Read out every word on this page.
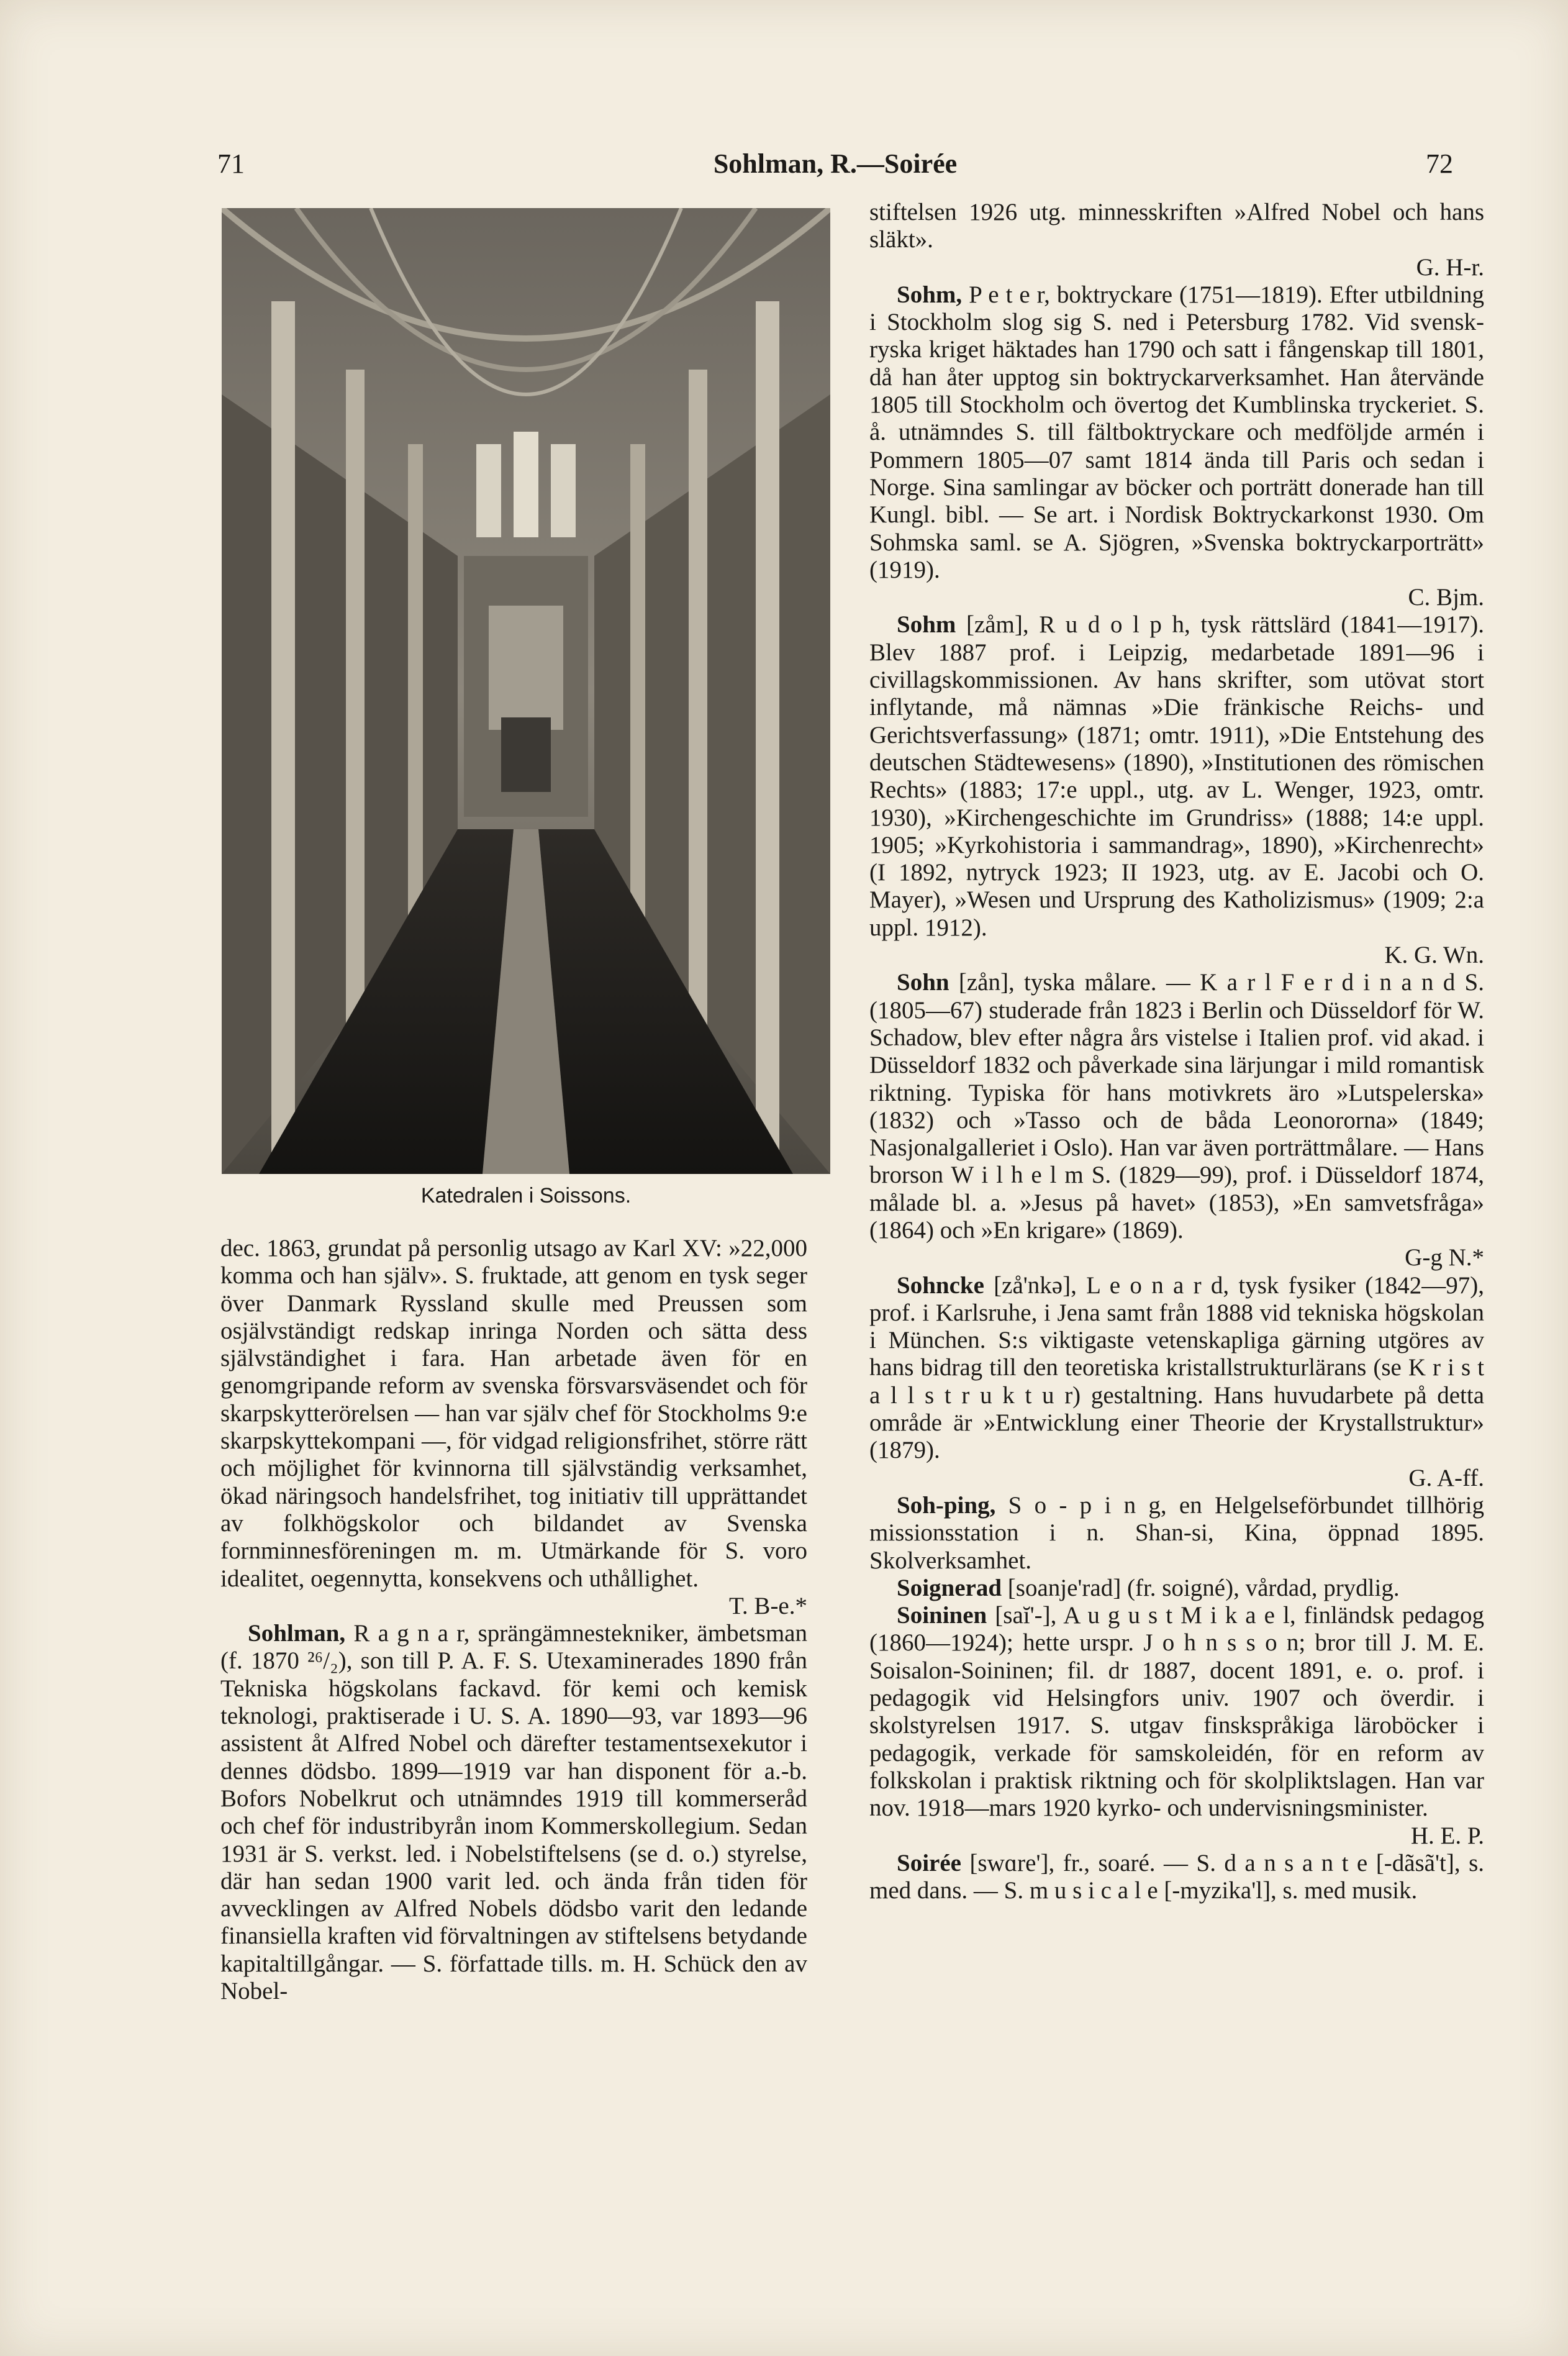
71	Sohlman, R.—Soirée	72
Katedralen i Soissons.

dec. 1863, grundat på personlig utsago av Karl XV: »22,000 komma och han själv». S. fruktade, att genom en tysk seger över Danmark Ryssland skulle med Preussen som osjälvständigt redskap inringa Norden och sätta dess självständighet i fara. Han arbetade även för en genomgripande reform av svenska försvarsväsendet och för skarpskytterörelsen — han var själv chef för Stockholms 9:e skarpskyttekompani —, för vidgad religionsfrihet, större rätt och möjlighet för kvinnorna till självständig verksamhet, ökad näringsoch handelsfrihet, tog initiativ till upprättandet av folkhögskolor och bildandet av Svenska fornminnesföreningen m. m. Utmärkande för S. voro idealitet, oegennytta, konsekvens och uthållighet.
T. B-e.*

Sohlman, R a g n a r, sprängämnestekniker, ämbetsman (f. 1870 ²⁶/₂), son till P. A. F. S. Utexaminerades 1890 från Tekniska högskolans fackavd. för kemi och kemisk teknologi, praktiserade i U. S. A. 1890—93, var 1893—96 assistent åt Alfred Nobel och därefter testamentsexekutor i dennes dödsbo. 1899—1919 var han disponent för a.-b. Bofors Nobelkrut och utnämndes 1919 till kommerseråd och chef för industribyrån inom Kommerskollegium. Sedan 1931 är S. verkst. led. i Nobelstiftelsens (se d. o.) styrelse, där han sedan 1900 varit led. och ända från tiden för avvecklingen av Alfred Nobels dödsbo varit den ledande finansiella kraften vid förvaltningen av stiftelsens betydande kapitaltillgångar. — S. författade tills. m. H. Schück den av Nobel-

stiftelsen 1926 utg. minnesskriften »Alfred Nobel och hans släkt».
G. H-r.

Sohm, P e t e r, boktryckare (1751—1819). Efter utbildning i Stockholm slog sig S. ned i Petersburg 1782. Vid svensk-ryska kriget häktades han 1790 och satt i fångenskap till 1801, då han åter upptog sin boktryckarverksamhet. Han återvände 1805 till Stockholm och övertog det Kumblinska tryckeriet. S. å. utnämndes S. till fältboktryckare och medföljde armén i Pommern 1805—07 samt 1814 ända till Paris och sedan i Norge. Sina samlingar av böcker och porträtt donerade han till Kungl. bibl. — Se art. i Nordisk Boktryckarkonst 1930. Om Sohmska saml. se A. Sjögren, »Svenska boktryckarporträtt» (1919).
C. Bjm.

Sohm [zåm], R u d o l p h, tysk rättslärd (1841—1917). Blev 1887 prof. i Leipzig, medarbetade 1891—96 i civillagskommissionen. Av hans skrifter, som utövat stort inflytande, må nämnas »Die fränkische Reichs- und Gerichtsverfassung» (1871; omtr. 1911), »Die Entstehung des deutschen Städtewesens» (1890), »Institutionen des römischen Rechts» (1883; 17:e uppl., utg. av L. Wenger, 1923, omtr. 1930), »Kirchengeschichte im Grundriss» (1888; 14:e uppl. 1905; »Kyrkohistoria i sammandrag», 1890), »Kirchenrecht» (I 1892, nytryck 1923; II 1923, utg. av E. Jacobi och O. Mayer), »Wesen und Ursprung des Katholizismus» (1909; 2:a uppl. 1912).
K. G. Wn.

Sohn [zån], tyska målare. — K a r l F e r d i n a n d S. (1805—67) studerade från 1823 i Berlin och Düsseldorf för W. Schadow, blev efter några års vistelse i Italien prof. vid akad. i Düsseldorf 1832 och påverkade sina lärjungar i mild romantisk riktning. Typiska för hans motivkrets äro »Lutspelerska» (1832) och »Tasso och de båda Leonororna» (1849; Nasjonalgalleriet i Oslo). Han var även porträttmålare. — Hans brorson W i l h e l m S. (1829—99), prof. i Düsseldorf 1874, målade bl. a. »Jesus på havet» (1853), »En samvetsfråga» (1864) och »En krigare» (1869).
G-g N.*

Sohncke [zå'nkə], L e o n a r d, tysk fysiker (1842—97), prof. i Karlsruhe, i Jena samt från 1888 vid tekniska högskolan i München. S:s viktigaste vetenskapliga gärning utgöres av hans bidrag till den teoretiska kristallstrukturlärans (se K r i s t a l l s t r u k t u r) gestaltning. Hans huvudarbete på detta område är »Entwicklung einer Theorie der Krystallstruktur» (1879).
G. A-ff.

Soh-ping, S o - p i n g, en Helgelseförbundet tillhörig missionsstation i n. Shan-si, Kina, öppnad 1895. Skolverksamhet.

Soignerad [soanje'rad] (fr. soigné), vårdad, prydlig.

Soininen [saĭ'-], A u g u s t M i k a e l, finländsk pedagog (1860—1924); hette urspr. J o h n s s o n; bror till J. M. E. Soisalon-Soininen; fil. dr 1887, docent 1891, e. o. prof. i pedagogik vid Helsingfors univ. 1907 och överdir. i skolstyrelsen 1917. S. utgav finskspråkiga läroböcker i pedagogik, verkade för samskoleidén, för en reform av folkskolan i praktisk riktning och för skolpliktslagen. Han var nov. 1918—mars 1920 kyrko- och undervisningsminister.
H. E. P.

Soirée [swɑre'], fr., soaré. — S. d a n s a n t e [-dãsã't], s. med dans. — S. m u s i c a l e [-myzika'l], s. med musik.
